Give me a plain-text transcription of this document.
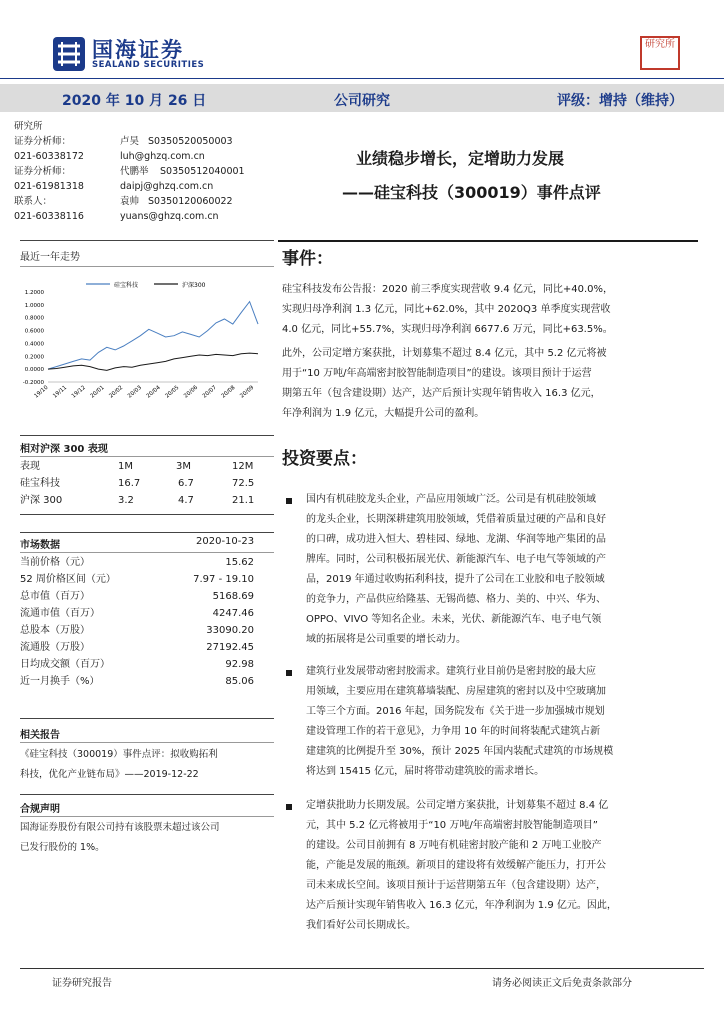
国海证券
SEALAND SECURITIES
研究所
2020 年 10 月 26 日	公司研究	评级：增持（维持）
研究所
证券分析师：	卢昊 S0350520050003
021-60338172	luh@ghzq.com.cn
证券分析师：	代鹏举 S0350512040001
021-61981318	daipj@ghzq.com.cn
联系人：	袁帅 S0350120060022
021-60338116	yuans@ghzq.com.cn
业绩稳步增长，定增助力发展
——硅宝科技（300019）事件点评
最近一年走势
硅宝科技	沪深300
1.2000
1.0000
0.8000
0.6000
0.4000
0.2000
0.0000
-0.2000
19/10 19/11 19/12 20/01 20/02 20/03 20/04 20/05 20/06 20/07 20/08 20/09
相对沪深 300 表现
表现	1M	3M	12M
硅宝科技	16.7	6.7	72.5
沪深 300	3.2	4.7	21.1
市场数据	2020-10-23
当前价格（元）	15.62
52 周价格区间（元）	7.97 - 19.10
总市值（百万）	5168.69
流通市值（百万）	4247.46
总股本（万股）	33090.20
流通股（万股）	27192.45
日均成交额（百万）	92.98
近一月换手（%）	85.06
相关报告
《硅宝科技（300019）事件点评：拟收购拓利
科技，优化产业链布局》——2019-12-22
合规声明
国海证券股份有限公司持有该股票未超过该公司
已发行股份的 1%。
事件：
硅宝科技发布公告报：2020 前三季度实现营收 9.4 亿元，同比+40.0%，
实现归母净利润 1.3 亿元，同比+62.0%，其中 2020Q3 单季度实现营收
4.0 亿元，同比+55.7%，实现归母净利润 6677.6 万元，同比+63.5%。
此外，公司定增方案获批，计划募集不超过 8.4 亿元，其中 5.2 亿元将被
用于“10 万吨/年高端密封胶智能制造项目”的建设。该项目预计于运营
期第五年（包含建设期）达产，达产后预计实现年销售收入 16.3 亿元，
年净利润为 1.9 亿元，大幅提升公司的盈利。
投资要点：
国内有机硅胶龙头企业，产品应用领域广泛。公司是有机硅胶领域
的龙头企业，长期深耕建筑用胶领域，凭借着质量过硬的产品和良好
的口碑，成功进入恒大、碧桂园、绿地、龙湖、华润等地产集团的品
牌库。同时，公司积极拓展光伏、新能源汽车、电子电气等领域的产
品，2019 年通过收购拓利科技，提升了公司在工业胶和电子胶领域
的竞争力，产品供应给隆基、无锡尚德、格力、美的、中兴、华为、
OPPO、VIVO 等知名企业。未来，光伏、新能源汽车、电子电气领
域的拓展将是公司重要的增长动力。
建筑行业发展带动密封胶需求。建筑行业目前仍是密封胶的最大应
用领域，主要应用在建筑幕墙装配、房屋建筑的密封以及中空玻璃加
工等三个方面。2016 年起，国务院发布《关于进一步加强城市规划
建设管理工作的若干意见》，力争用 10 年的时间将装配式建筑占新
建建筑的比例提升至 30%，预计 2025 年国内装配式建筑的市场规模
将达到 15415 亿元，届时将带动建筑胶的需求增长。
定增获批助力长期发展。公司定增方案获批，计划募集不超过 8.4 亿
元，其中 5.2 亿元将被用于“10 万吨/年高端密封胶智能制造项目”
的建设。公司目前拥有 8 万吨有机硅密封胶产能和 2 万吨工业胶产
能，产能是发展的瓶颈。新项目的建设将有效缓解产能压力，打开公
司未来成长空间。该项目预计于运营期第五年（包含建设期）达产，
达产后预计实现年销售收入 16.3 亿元，年净利润为 1.9 亿元。因此，
我们看好公司长期成长。
证券研究报告	请务必阅读正文后免责条款部分
